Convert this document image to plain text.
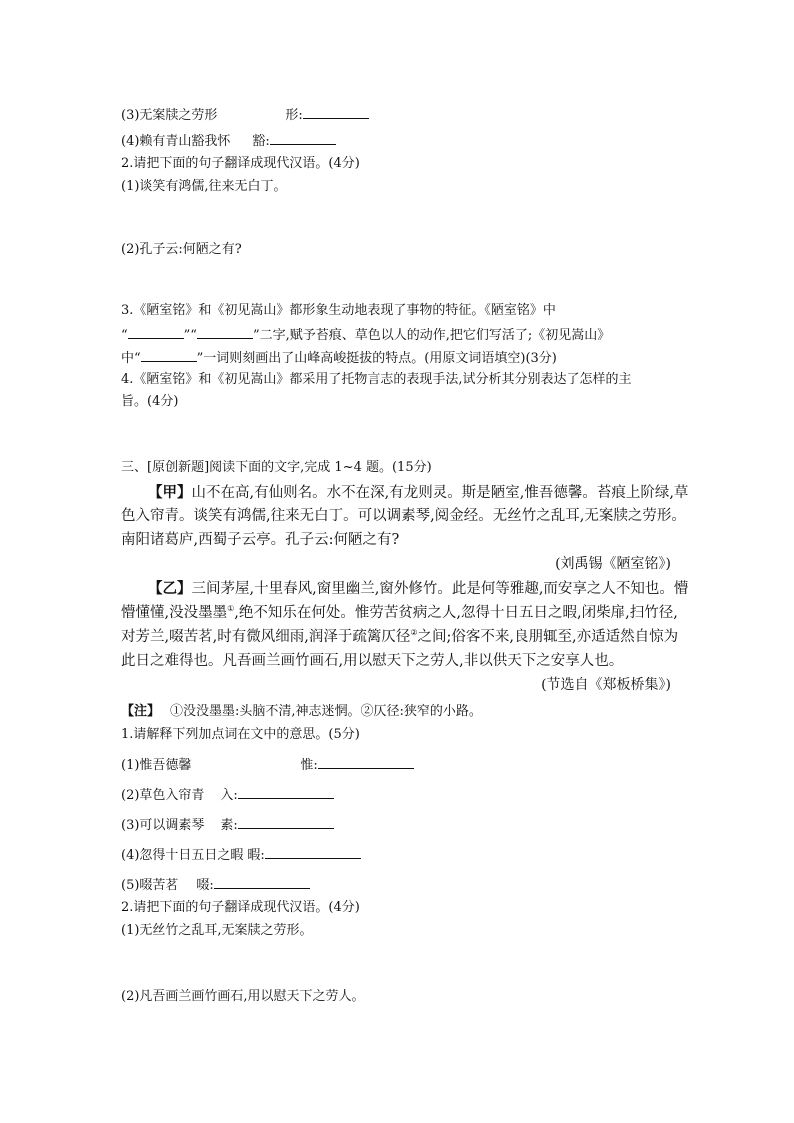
(3)无案牍之劳形	形:
(4)赖有青山豁我怀 豁:
2.请把下面的句子翻译成现代汉语。(4分)
(1)谈笑有鸿儒,往来无白丁。
(2)孔子云:何陋之有?
3.《陋室铭》和《初见嵩山》都形象生动地表现了事物的特征。《陋室铭》中
“	”“	”二字,赋予苔痕、草色以人的动作,把它们写活了;《初见嵩山》
中“	”一词则刻画出了山峰高峻挺拔的特点。(用原文词语填空)(3分)
4.《陋室铭》和《初见嵩山》都采用了托物言志的表现手法,试分析其分别表达了怎样的主
旨。(4分)
三、[原创新题]阅读下面的文字,完成 1~4 题。(15分)
【甲】山不在高,有仙则名。水不在深,有龙则灵。斯是陋室,惟吾德馨。苔痕上阶绿,草
色入帘青。谈笑有鸿儒,往来无白丁。可以调素琴,阅金经。无丝竹之乱耳,无案牍之劳形。
南阳诸葛庐,西蜀子云亭。孔子云:何陋之有?
(刘禹锡《陋室铭》)
【乙】三间茅屋,十里春风,窗里幽兰,窗外修竹。此是何等雅趣,而安享之人不知也。懵
懵懂懂,没没墨墨①,绝不知乐在何处。惟劳苦贫病之人,忽得十日五日之暇,闭柴扉,扫竹径,
对芳兰,啜苦茗,时有微风细雨,润泽于疏篱仄径②之间;俗客不来,良朋辄至,亦适适然自惊为
此日之难得也。凡吾画兰画竹画石,用以慰天下之劳人,非以供天下之安享人也。
(节选自《郑板桥集》)
【注】 ①没没墨墨:头脑不清,神志迷惘。②仄径:狭窄的小路。
1.请解释下列加点词在文中的意思。(5分)
(1)惟吾德馨	惟:
(2)草色入帘青 入:
(3)可以调素琴 素:
(4)忽得十日五日之暇 暇:
(5)啜苦茗 啜:
2.请把下面的句子翻译成现代汉语。(4分)
(1)无丝竹之乱耳,无案牍之劳形。
(2)凡吾画兰画竹画石,用以慰天下之劳人。
